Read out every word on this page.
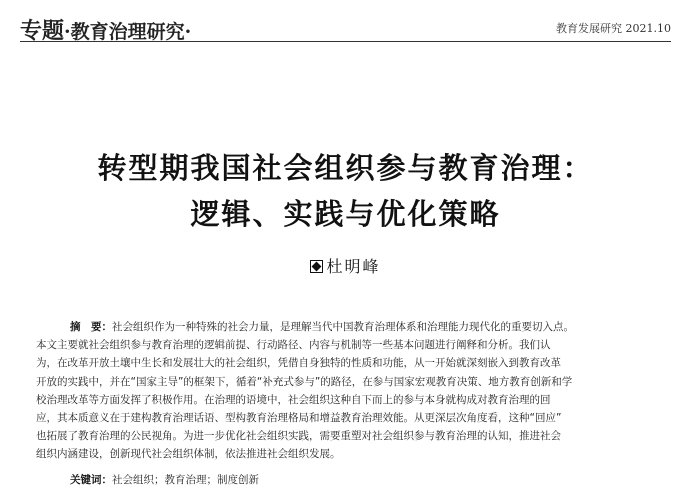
专题·教育治理研究·	教育发展研究 2021.10
转型期我国社会组织参与教育治理：
逻辑、实践与优化策略
杜明峰
摘　要：社会组织作为一种特殊的社会力量，是理解当代中国教育治理体系和治理能力现代化的重要切入点。
本文主要就社会组织参与教育治理的逻辑前提、行动路径、内容与机制等一些基本问题进行阐释和分析。我们认
为，在改革开放土壤中生长和发展壮大的社会组织，凭借自身独特的性质和功能，从一开始就深刻嵌入到教育改革
开放的实践中，并在“国家主导”的框架下，循着“补充式参与”的路径，在参与国家宏观教育决策、地方教育创新和学
校治理改革等方面发挥了积极作用。在治理的语境中，社会组织这种自下而上的参与本身就构成对教育治理的回
应，其本质意义在于建构教育治理话语、型构教育治理格局和增益教育治理效能。从更深层次角度看，这种“回应”
也拓展了教育治理的公民视角。为进一步优化社会组织实践，需要重塑对社会组织参与教育治理的认知，推进社会
组织内涵建设，创新现代社会组织体制，依法推进社会组织发展。
关键词：社会组织；教育治理；制度创新
